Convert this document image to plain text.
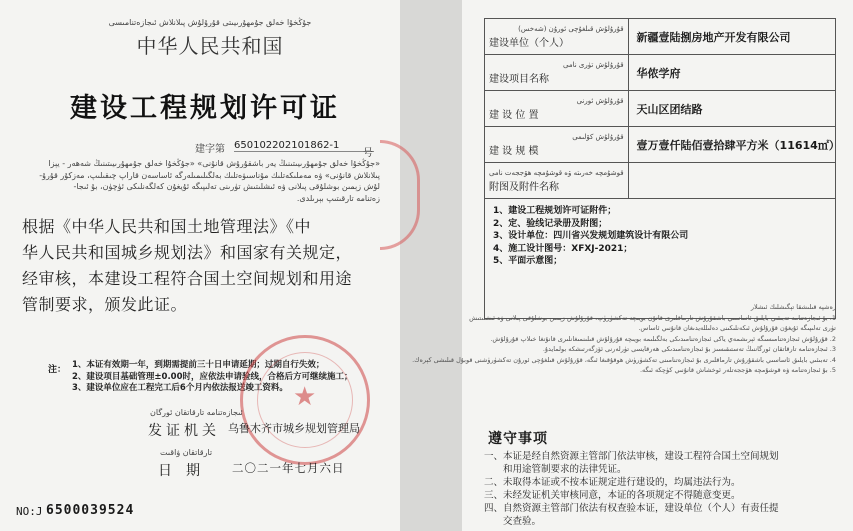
جۇڭخۇا خەلق جۇمھۇرىيىتى قۇرۇلۇش پىلانلاش ئىجازەتنامىسى
中华人民共和国
建设工程规划许可证
建字第 650102202101862-1
号
«جۇڭخۇا خەلق جۇمھۇرىيىتىنىڭ يەر باشقۇرۇش قانۇنى» «جۇڭخۇا خەلق جۇمھۇرىيىتىنىڭ شەھەر - يېزا
پىلانلاش قانۇنى» ۋە مەملىكەتلىك مۇناسىۋەتلىك بەلگىلىمىلەرگە ئاساسەن قاراپ چىقىلىپ، مەزكۇر قۇرۇ-
لۇش زېمىن بوشلۇقى پىلانى ۋە ئىشلىتىش تۈرىنى تەلىپىگە ئۇيغۇن كەلگەنلىكى ئۈچۈن، بۇ ئىجا-
زەتنامە تارقىتىپ بېرىلدى.
根据《中华人民共和国土地管理法》《中
华人民共和国城乡规划法》和国家有关规定，
经审核，本建设工程符合国土空间规划和用途
管制要求，颁发此证。
注： 1、本证有效期一年，到期需提前三十日申请延期；过期自行失效；
2、建设项目基础管理±0.00时，应依法申请验线，合格后方可继续施工；
3、建设单位应在工程完工后6个月内依法报送竣工资料。 ★
ئىجازەتنامە تارقاتقان ئورگان
发证机关 乌鲁木齐市城乡规划管理局
تارقاتقان ۋاقىت
日期 二〇二一年七月六日
NO:J 6500039524
قۇرۇلۇش قىلغۇچى ئورۇن (شەخس)
建设单位（个人）	新疆壹陆捌房地产开发有限公司

قۇرۇلۇش تۈرى نامى
建设项目名称	华侬学府

قۇرۇلۇش ئورنى
建 设 位 置	天山区团结路

قۇرۇلۇش كۆلىمى
建 设 规 模	壹万壹仟陆佰壹拾肆平方米（11614㎡）

قوشۇمچە خەرىتە ۋە قوشۇمچە ھۆججەت نامى
附图及附件名称	

1、建设工程规划许可证附件；
2、定、验线记录册及附图；
3、设计单位：四川省兴发规划建筑设计有限公司
4、施工设计图号：XFXJ-2021；
5、平面示意图；	
رەشپە قىلىشقا تېگىشلىك ئىشلار
1. بۇ ئىجازەتنامە تەبىئىي بايلىق ئاساسىي باشقۇرۇش تارماقلىرى قانۇن بويىچە تەكشۈرۈپ، قۇرۇلۇش زېمىن بوشلۇقى پىلانى ۋە ئىشلىتىش
تۈرى تەلىپىگە ئۇيغۇن قۇرۇلۇش ئىكەنلىكىنى دەلىللەيدىغان قانۇنىي ئاساس.
2. قۇرۇلۇش ئىجازەتنامىسىگە ئېرىشمەي ياكى ئىجازەتنامىدىكى بەلگىلىمە بويىچە قۇرۇلۇش قىلىنمىغانلىرى قانۇنغا خىلاپ قۇرۇلۇش.
3. ئىجازەتنامە تارقاتقان ئورگاننىڭ تەستىقىسىز بۇ ئىجازەتنامىدىكى ھەرقايسى تۈرلەرنى ئۆزگەرتىشكە بولمايدۇ.
4. تەبىئىي بايلىق ئاساسىي باشقۇرۇش تارماقلىرى بۇ ئىجازەتنامىنى تەكشۈرۈش ھوقۇقىغا ئىگە، قۇرۇلۇش قىلغۇچى ئورۇن تەكشۈرۈشنى قوبۇل قىلىشى كېرەك.
5. بۇ ئىجازەتنامە ۋە قوشۇمچە ھۆججەتلەر ئوخشاش قانۇنىي كۈچكە ئىگە.
遵守事项
一、本证是经自然资源主管部门依法审核，建设工程符合国土空间规划
　　和用途管制要求的法律凭证。
二、未取得本证或不按本证规定进行建设的，均属违法行为。
三、未经发证机关审核同意，本证的各项规定不得随意变更。
四、自然资源主管部门依法有权查验本证，建设单位（个人）有责任提
　　交查验。
